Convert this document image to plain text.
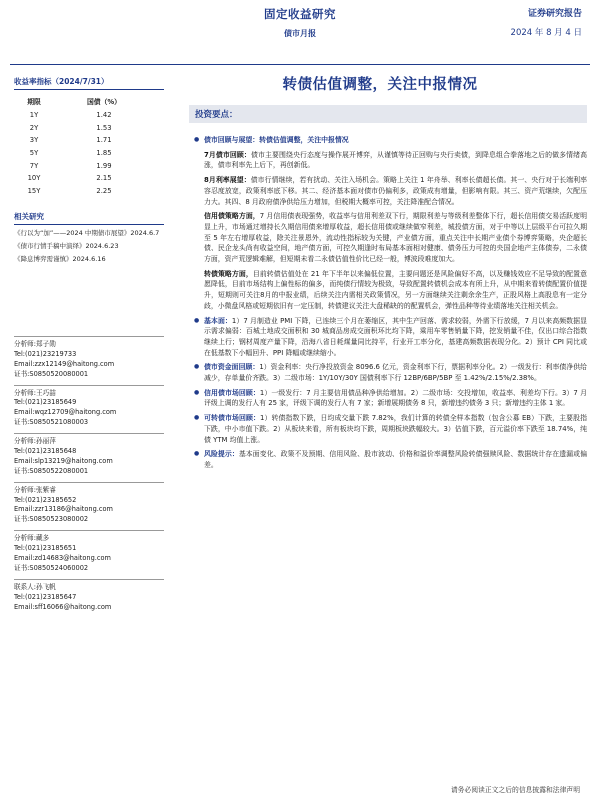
固定收益研究
债市月报
证券研究报告
2024 年 8 月 4 日
收益率指标（2024/7/31）
期限	国债（%）
1Y	1.42
2Y	1.53
3Y	1.71
5Y	1.85
7Y	1.99
10Y	2.15
15Y	2.25
相关研究
《行以为“加”——2024 中期债市展望》2024.6.7
《债市行情手稿中演绎》2024.6.23
《降息博弈需谨慎》2024.6.16
分析师:郑子勋
Tel:(021)23219733
Email:zzx12149@haitong.com
证书:S0850520080001
分析师:王巧喆
Tel:(021)23185649
Email:wqz12709@haitong.com
证书:S0850521080003
分析师:孙丽萍
Tel:(021)23185648
Email:slp13219@haitong.com
证书:S0850522080001
分析师:张紫睿
Tel:(021)23185652
Email:zzr13186@haitong.com
证书:S0850523080002
分析师:藏多
Tel:(021)23185651
Email:zd14683@haitong.com
证书:S0850524060002
联系人:孙飞帆
Tel:(021)23185647
Email:sff16066@haitong.com
转债估值调整，关注中报情况
投资要点：
● 债市回顾与展望：转债估值调整，关注中报情况
7月债市回顾：债市主要围绕央行态度与操作展开博弈，从谨慎等待正回购与央行卖债，到降息组合拳落地之后的做多情绪高涨，债市利率先上后下，再创新低。
8月利率展望：债市行情继续，若有扰动、关注入场机会。策略上关注 1 年舟举、利率长债超长债。其一、央行对于长端利率容忍度放宽，政策利率底下移。其二、经济基本面对债市仍偏利多，政策成有增量，但影响有限。其三、资产荒继续，欠配压力大。其四、8 月政府债净供给压力增加，但税期大概率可控，关注降准配合情况。
信用债策略方面，7 月信用债表现强势，收益率与信用利差双下行，期限利差与等级利差整体下行，超长信用债交易活跃度明显上升，市场通过增持长久期信用债来增厚收益，超长信用债或继续做窄利差，城投债方面，对于中等以上层级平台可拉久期至 5 年左右增厚收益，除关注景恩外，流动性指标较为关键，产业债方面，重点关注中长期产业债个券博弈策略，央企超长债、民企龙头尚有收益空间，地产债方面，可控久期逢时布局基本面相对健康、债务压力可控的央国企地产主体债券，二永债方面，资产荒逻辑难解，但短期未看二永债估值性价比已经一般，博波段难度加大。
转债策略方面，目前转债估值处在 21 年下半年以来偏低位置，主要问题还是风险偏好不高，以及赚钱效应不足导致的配置意愿降低，目前市场结构上偏性标的偏多，而纯债行情较为极致，导致配置转债机会成本有所上升，从中期来看转债配置价值提升，短期则可关注8月的中报业绩，后续关注内需相关政策情况，另一方面继续关注剩余余生产，正股风格上高股息有一定分歧，小微盘风格或短期依旧有一定压制，转债建议关注大盘稀缺的的配置机会，弹性品种等待业绩落地关注相关机会。
● 基本面：1）7 月制造业 PMI 下降，已连续三个月在萎缩区，其中生产回落、需求较弱，外需下行放缓，7 月以来高频数据显示需求偏弱：百城土地成交面积和 30 城商品房成交面积环比均下降，乘用车零售销量下降，挖发销量不佳，仅出口综合指数继续上行；钢材周度产量下降，沿海八省日耗煤量同比持平，行业开工率分化，基建高频数据表现分化。2）预计 CPI 同比或在低基数下小幅回升、PPI 降幅或继续缩小。
● 债市资金面回顾：1）资金利率：央行净投放资金 8096.6 亿元，资金利率下行，票据利率分化。2）一级发行：利率债净供给减少，存单量价齐跌。3）二级市场：1Y/10Y/30Y 国债利率下行 12BP/6BP/5BP 至 1.42%/2.15%/2.38%。
● 信用债市场回顾：1）一级发行：7 月主要信用债品种净供给增加。2）二级市场：交投增加，收益率、利差均下行。3）7 月评级上调的发行人有 25 家，评级下调的发行人有 7 家；新增展期债务 8 只，新增违约债务 3 只；新增违约主体 1 家。
● 可转债市场回顾：1）转债指数下跌，日均成交量下跌 7.82%，我们计算的转债全样本指数（包含公募 EB）下跌，主要股指下跌，中小市值下跌。2）从板块来看，所有板块均下跌，周期板块跌幅较大。3）估值下跌，百元溢价率下跌至 18.74%，纯债 YTM 均值上涨。
● 风险提示：基本面变化、政策不及预期、信用风险、股市波动、价格和溢价率调整风险转债强赎风险、数据统计存在遗漏或偏差。
请务必阅读正文之后的信息披露和法律声明
